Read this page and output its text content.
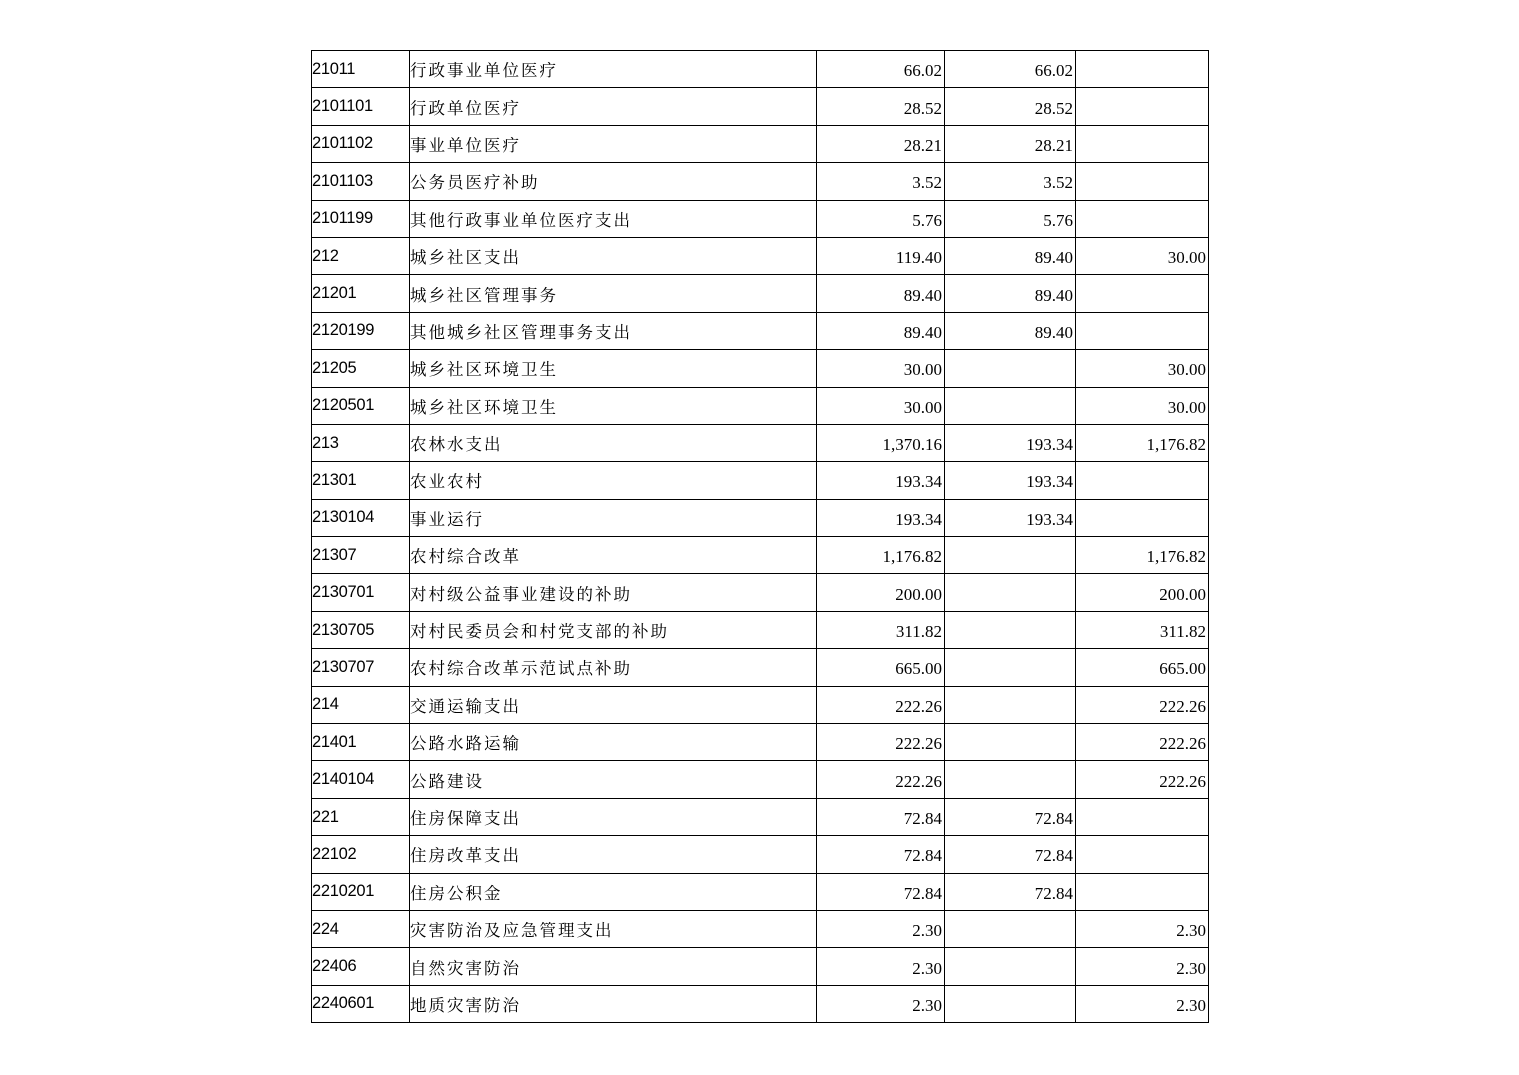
21011	行政事业单位医疗	66.02	66.02	
2101101	行政单位医疗	28.52	28.52	
2101102	事业单位医疗	28.21	28.21	
2101103	公务员医疗补助	3.52	3.52	
2101199	其他行政事业单位医疗支出	5.76	5.76	
212	城乡社区支出	119.40	89.40	30.00
21201	城乡社区管理事务	89.40	89.40	
2120199	其他城乡社区管理事务支出	89.40	89.40	
21205	城乡社区环境卫生	30.00		30.00
2120501	城乡社区环境卫生	30.00		30.00
213	农林水支出	1,370.16	193.34	1,176.82
21301	农业农村	193.34	193.34	
2130104	事业运行	193.34	193.34	
21307	农村综合改革	1,176.82		1,176.82
2130701	对村级公益事业建设的补助	200.00		200.00
2130705	对村民委员会和村党支部的补助	311.82		311.82
2130707	农村综合改革示范试点补助	665.00		665.00
214	交通运输支出	222.26		222.26
21401	公路水路运输	222.26		222.26
2140104	公路建设	222.26		222.26
221	住房保障支出	72.84	72.84	
22102	住房改革支出	72.84	72.84	
2210201	住房公积金	72.84	72.84	
224	灾害防治及应急管理支出	2.30		2.30
22406	自然灾害防治	2.30		2.30
2240601	地质灾害防治	2.30		2.30
